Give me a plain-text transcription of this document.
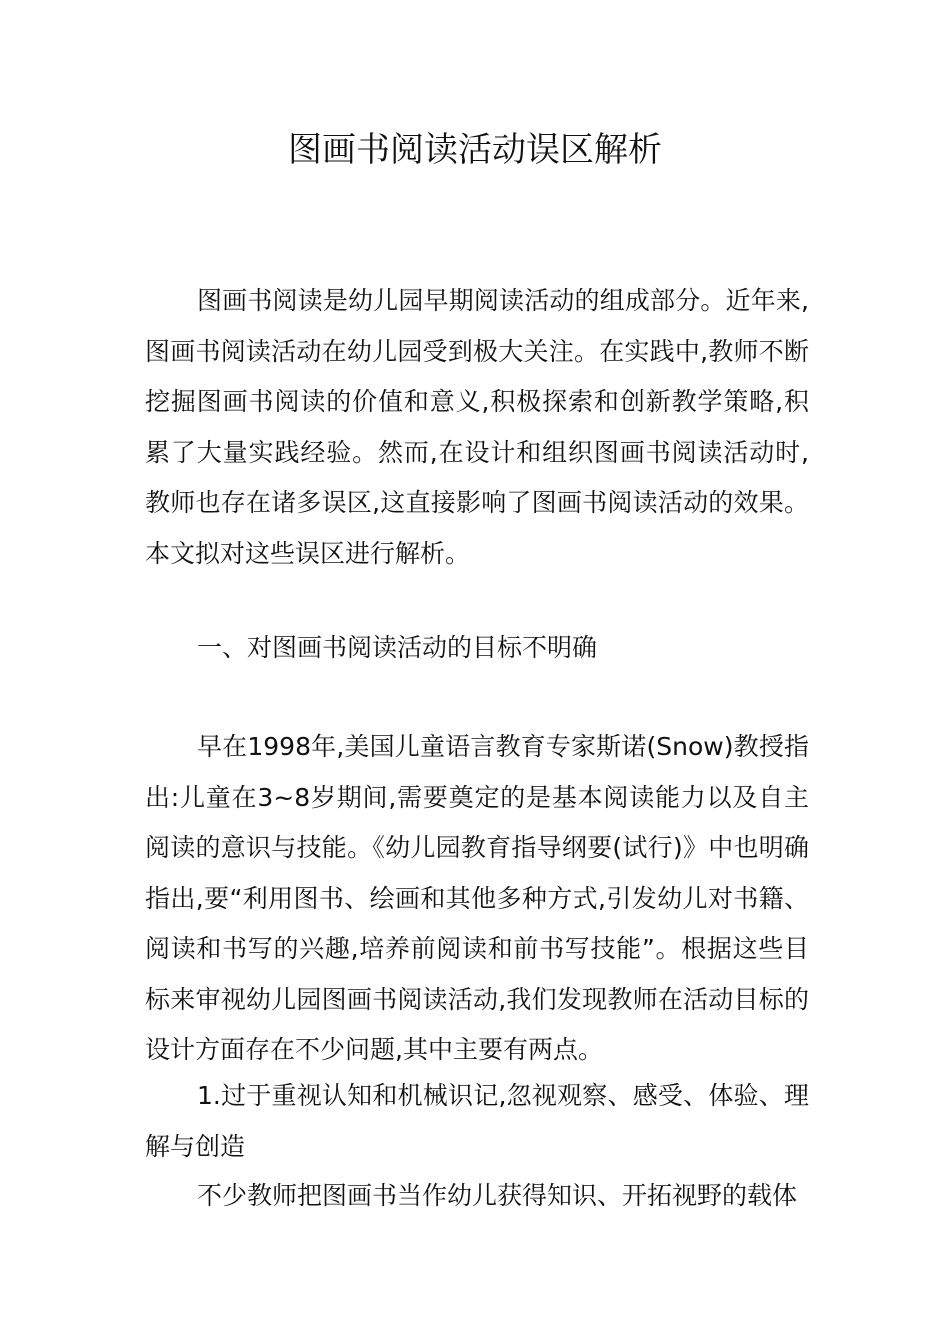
图画书阅读活动误区解析

图画书阅读是幼儿园早期阅读活动的组成部分。近年来,图画书阅读活动在幼儿园受到极大关注。在实践中,教师不断挖掘图画书阅读的价值和意义,积极探索和创新教学策略,积累了大量实践经验。然而,在设计和组织图画书阅读活动时,教师也存在诸多误区,这直接影响了图画书阅读活动的效果。本文拟对这些误区进行解析。

一、对图画书阅读活动的目标不明确

早在1998年,美国儿童语言教育专家斯诺(Snow)教授指出:儿童在3~8岁期间,需要奠定的是基本阅读能力以及自主阅读的意识与技能。《幼儿园教育指导纲要(试行)》中也明确指出,要“利用图书、绘画和其他多种方式,引发幼儿对书籍、阅读和书写的兴趣,培养前阅读和前书写技能”。根据这些目标来审视幼儿园图画书阅读活动,我们发现教师在活动目标的设计方面存在不少问题,其中主要有两点。

1.过于重视认知和机械识记,忽视观察、感受、体验、理解与创造

不少教师把图画书当作幼儿获得知识、开拓视野的载体
